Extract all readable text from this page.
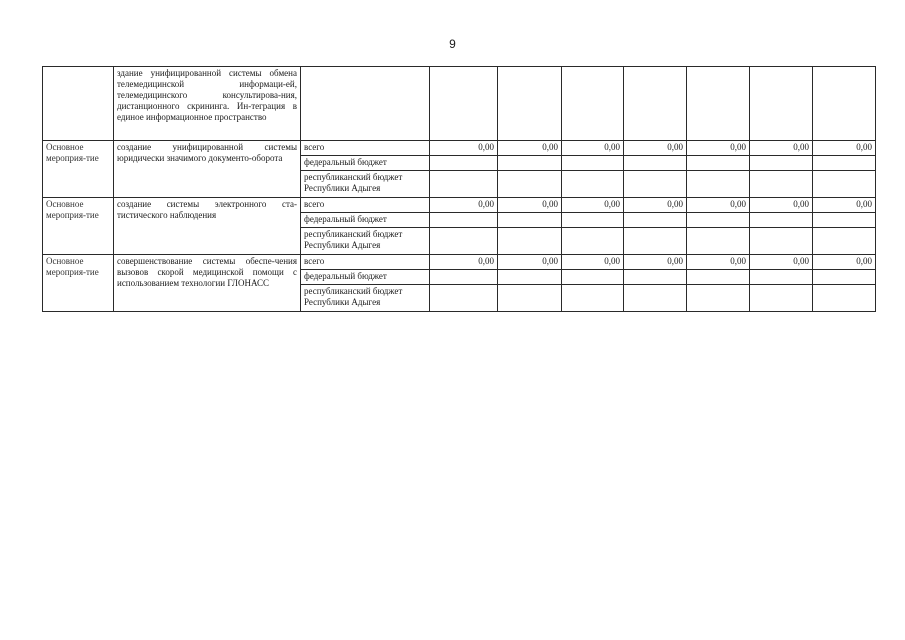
9
	здание унифицированной системы обмена телемедицинской информаци-ей, телемедицинского консультирова-ния, дистанционного скрининга. Ин-теграция в единое информационное пространство								
Основное мероприя-тие	создание унифицированной системы юридически значимого документо-оборота	всего	0,00	0,00	0,00	0,00	0,00	0,00	0,00
		федеральный бюджет							
		республиканский бюджет Республики Адыгея							
Основное мероприя-тие	создание системы электронного ста-тистического наблюдения	всего	0,00	0,00	0,00	0,00	0,00	0,00	0,00
		федеральный бюджет							
		республиканский бюджет Республики Адыгея							
Основное мероприя-тие	совершенствование системы обеспе-чения вызовов скорой медицинской помощи с использованием технологии ГЛОНАСС	всего	0,00	0,00	0,00	0,00	0,00	0,00	0,00
		федеральный бюджет							
		республиканский бюджет Республики Адыгея							
